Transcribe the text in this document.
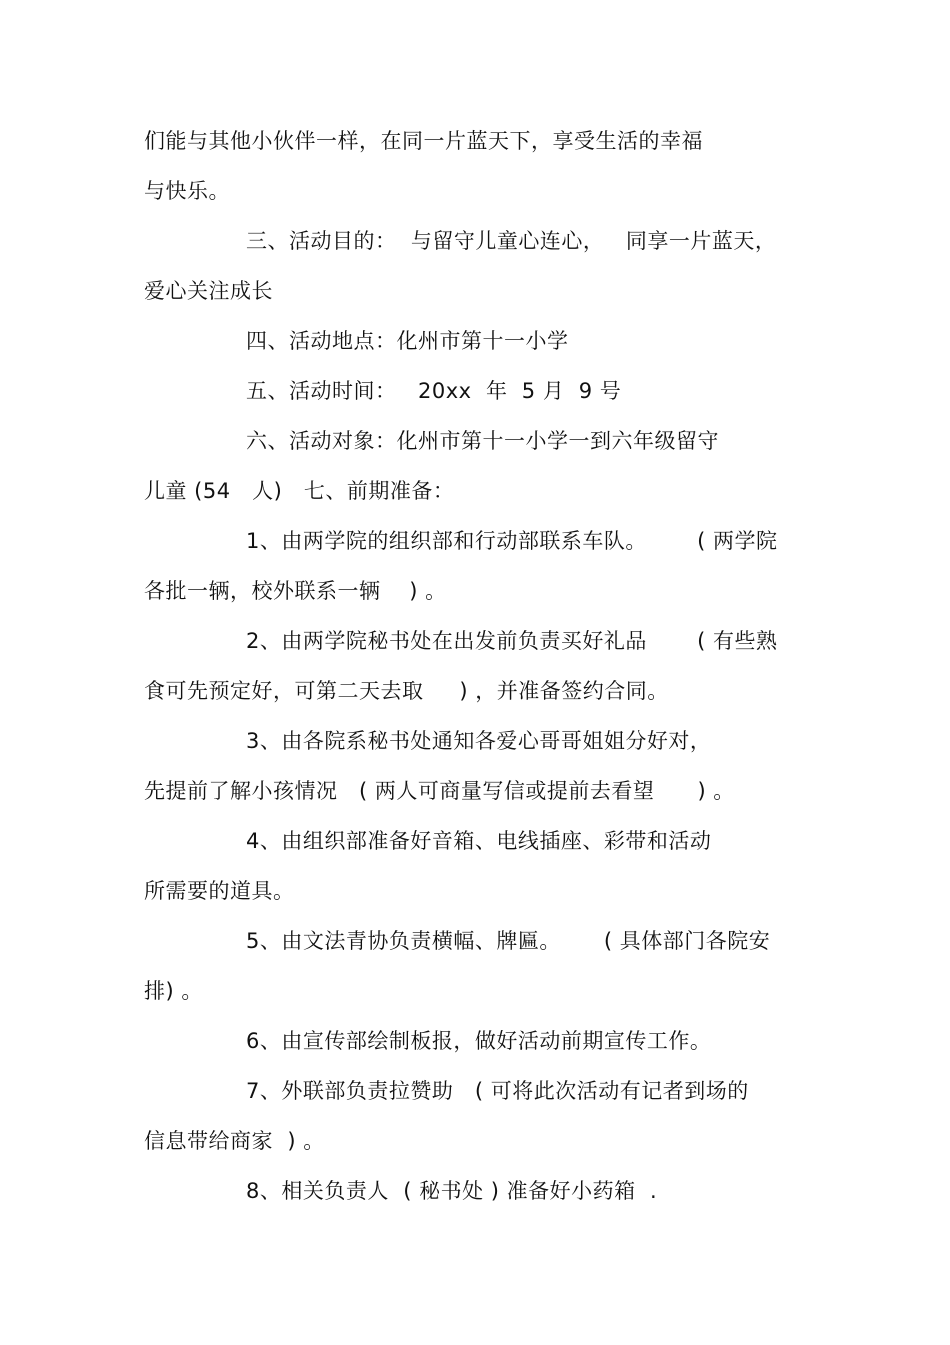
们能与其他小伙伴一样，在同一片蓝天下，享受生活的幸福
与快乐。
三、活动目的：  与留守儿童心连心，   同享一片蓝天，
爱心关注成长
四、活动地点：化州市第十一小学
五、活动时间：   20xx  年  5 月  9 号
六、活动对象：化州市第十一小学一到六年级留守
儿童 (54   人)   七、前期准备：
1、由两学院的组织部和行动部联系车队。       ( 两学院
各批一辆，校外联系一辆    ) 。
2、由两学院秘书处在出发前负责买好礼品       ( 有些熟
食可先预定好，可第二天去取     ) ，并准备签约合同。
3、由各院系秘书处通知各爱心哥哥姐姐分好对，
先提前了解小孩情况   ( 两人可商量写信或提前去看望      ) 。
4、由组织部准备好音箱、电线插座、彩带和活动
所需要的道具。
5、由文法青协负责横幅、牌匾。      ( 具体部门各院安
排) 。
6、由宣传部绘制板报，做好活动前期宣传工作。
7、外联部负责拉赞助   ( 可将此次活动有记者到场的
信息带给商家  ) 。
8、相关负责人  ( 秘书处 ) 准备好小药箱  .
